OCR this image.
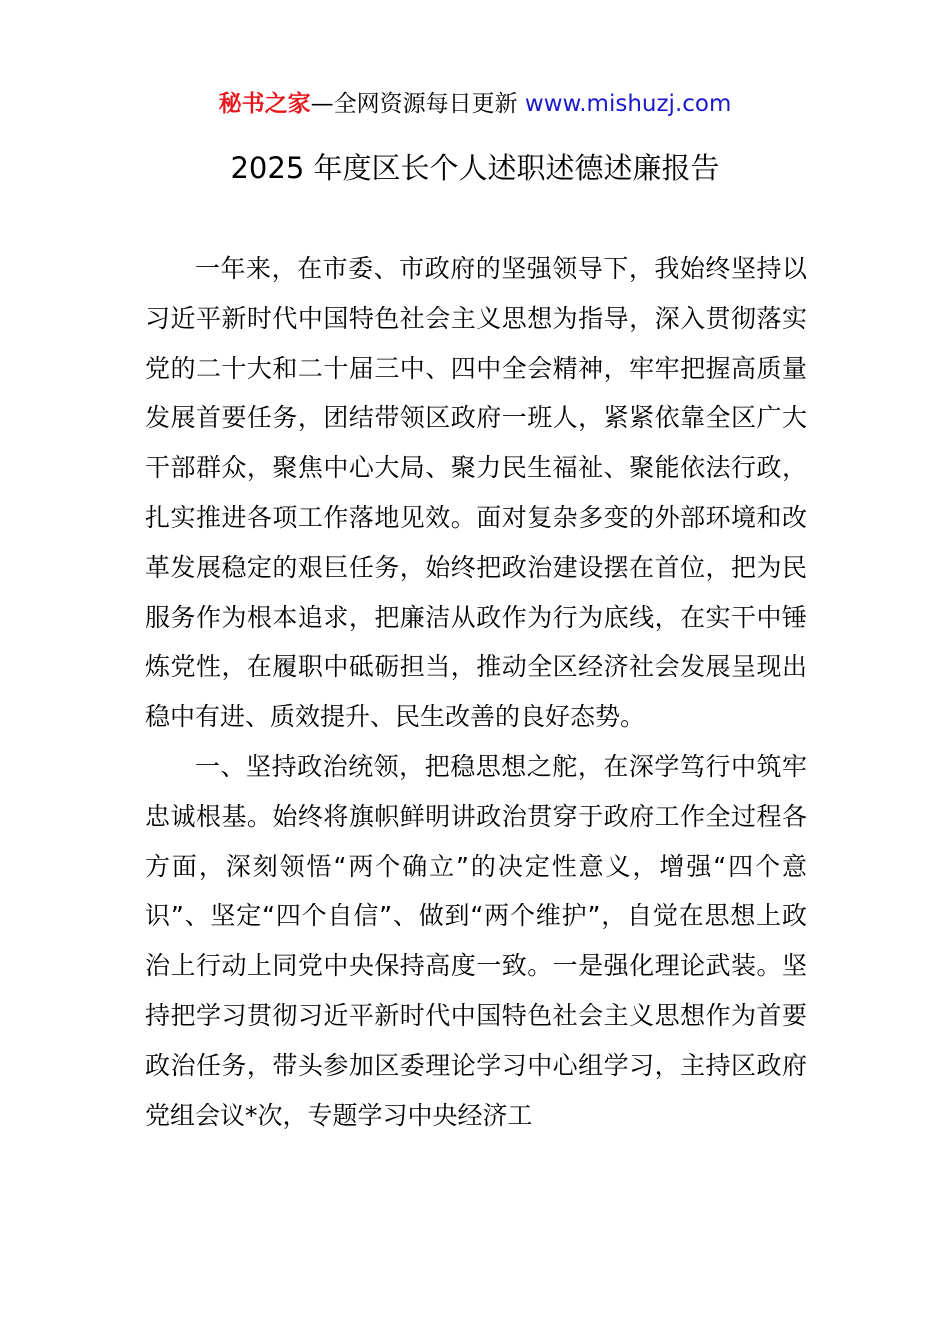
秘书之家—全网资源每日更新 www.mishuzj.com
2025 年度区长个人述职述德述廉报告

一年来，在市委、市政府的坚强领导下，我始终坚持以习近平新时代中国特色社会主义思想为指导，深入贯彻落实党的二十大和二十届三中、四中全会精神，牢牢把握高质量发展首要任务，团结带领区政府一班人，紧紧依靠全区广大干部群众，聚焦中心大局、聚力民生福祉、聚能依法行政，扎实推进各项工作落地见效。面对复杂多变的外部环境和改革发展稳定的艰巨任务，始终把政治建设摆在首位，把为民服务作为根本追求，把廉洁从政作为行为底线，在实干中锤炼党性，在履职中砥砺担当，推动全区经济社会发展呈现出稳中有进、质效提升、民生改善的良好态势。

一、坚持政治统领，把稳思想之舵，在深学笃行中筑牢忠诚根基。始终将旗帜鲜明讲政治贯穿于政府工作全过程各方面，深刻领悟“两个确立”的决定性意义，增强“四个意识”、坚定“四个自信”、做到“两个维护”，自觉在思想上政治上行动上同党中央保持高度一致。一是强化理论武装。坚持把学习贯彻习近平新时代中国特色社会主义思想作为首要政治任务，带头参加区委理论学习中心组学习，主持区政府党组会议*次，专题学习中央经济工
